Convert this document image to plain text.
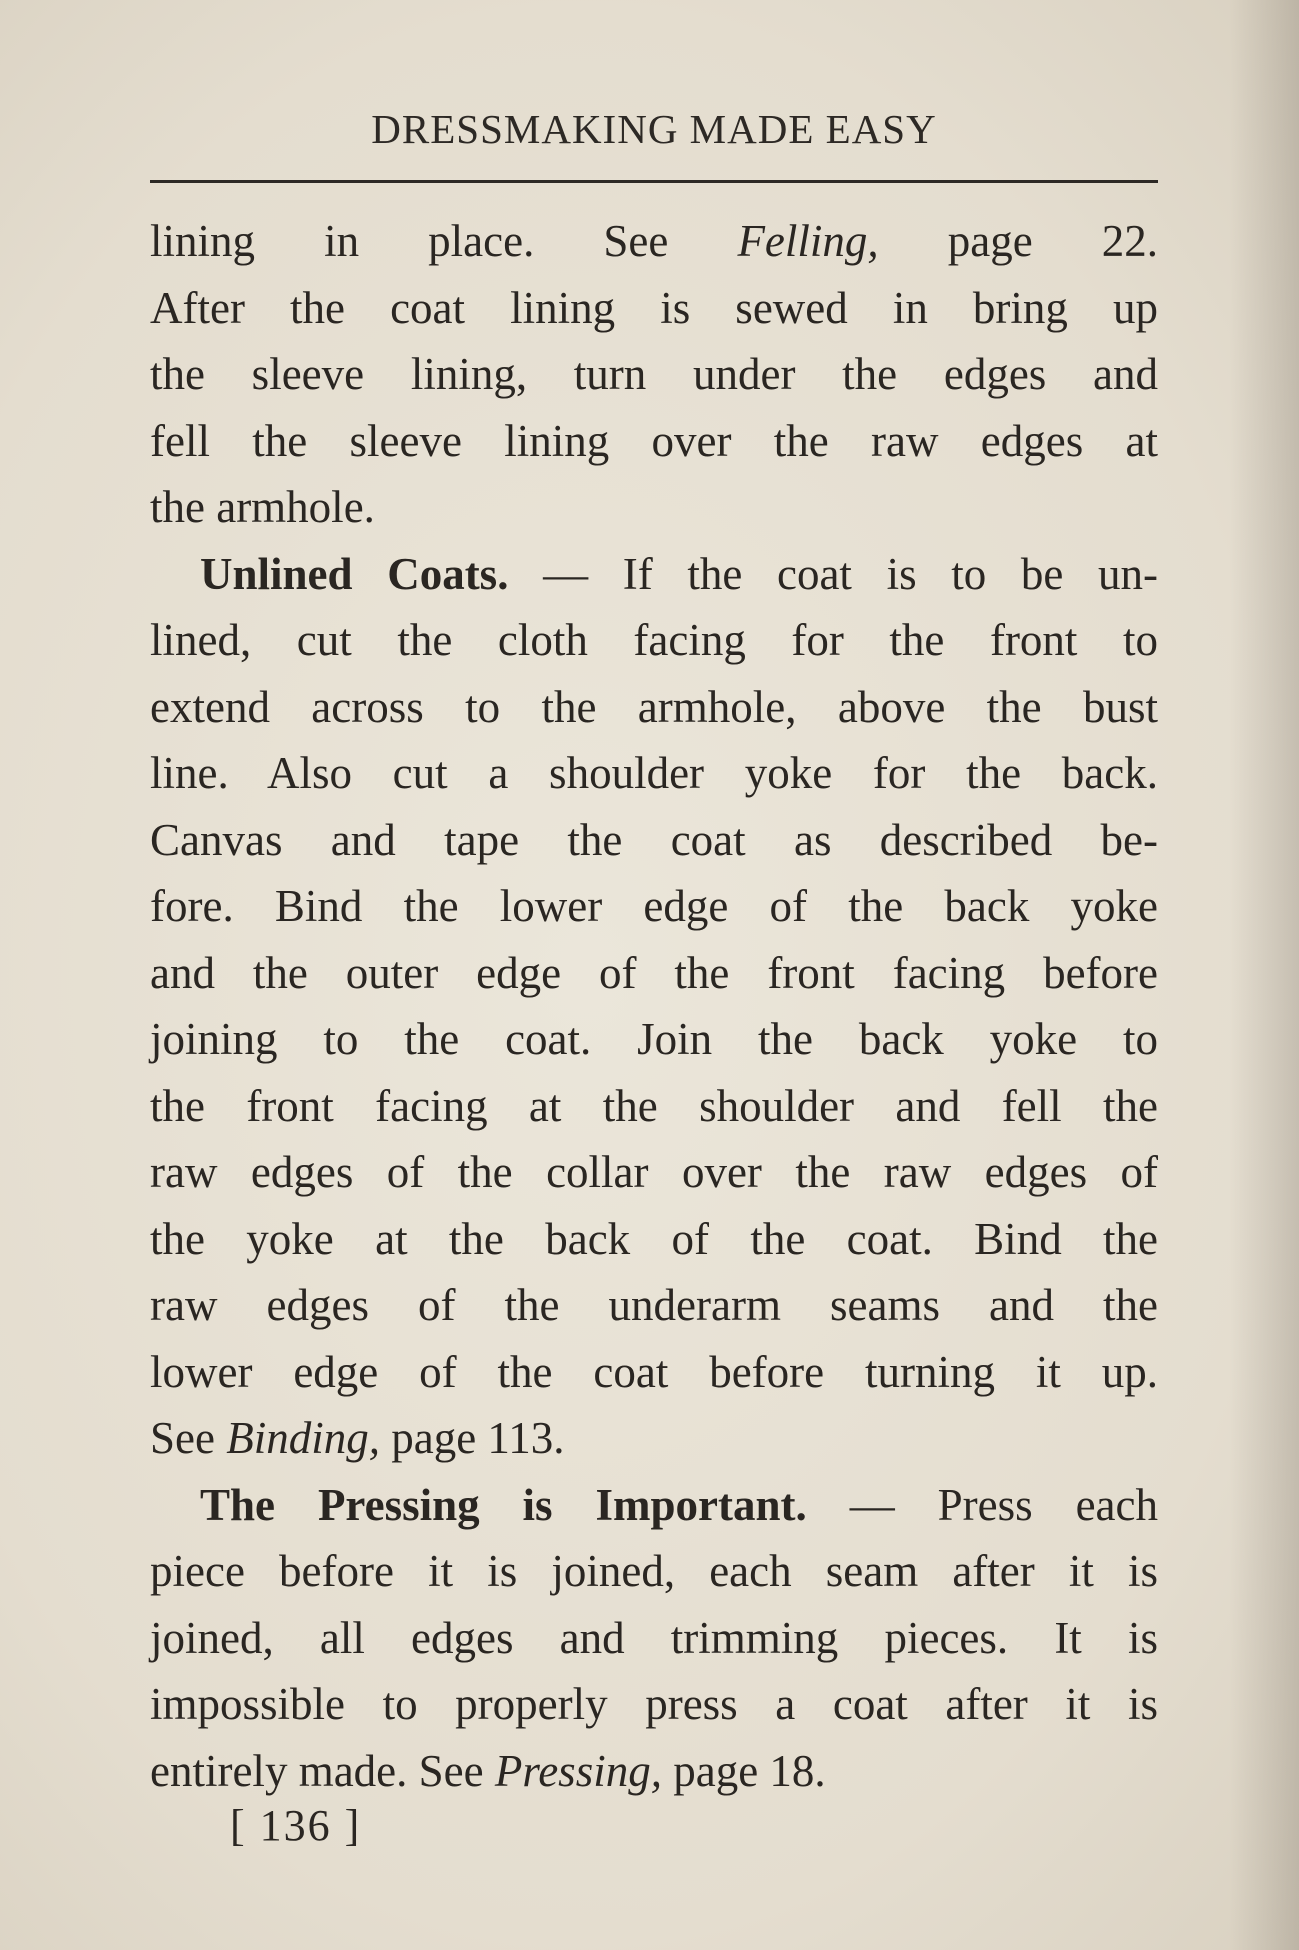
DRESSMAKING MADE EASY
lining in place. See Felling, page 22.
After the coat lining is sewed in bring up
the sleeve lining, turn under the edges and
fell the sleeve lining over the raw edges at
the armhole.
Unlined Coats. — If the coat is to be un-
lined, cut the cloth facing for the front to
extend across to the armhole, above the bust
line. Also cut a shoulder yoke for the back.
Canvas and tape the coat as described be-
fore. Bind the lower edge of the back yoke
and the outer edge of the front facing before
joining to the coat. Join the back yoke to
the front facing at the shoulder and fell the
raw edges of the collar over the raw edges of
the yoke at the back of the coat. Bind the
raw edges of the underarm seams and the
lower edge of the coat before turning it up.
See Binding, page 113.
The Pressing is Important. — Press each
piece before it is joined, each seam after it is
joined, all edges and trimming pieces. It is
impossible to properly press a coat after it is
entirely made. See Pressing, page 18.
[ 136 ]
